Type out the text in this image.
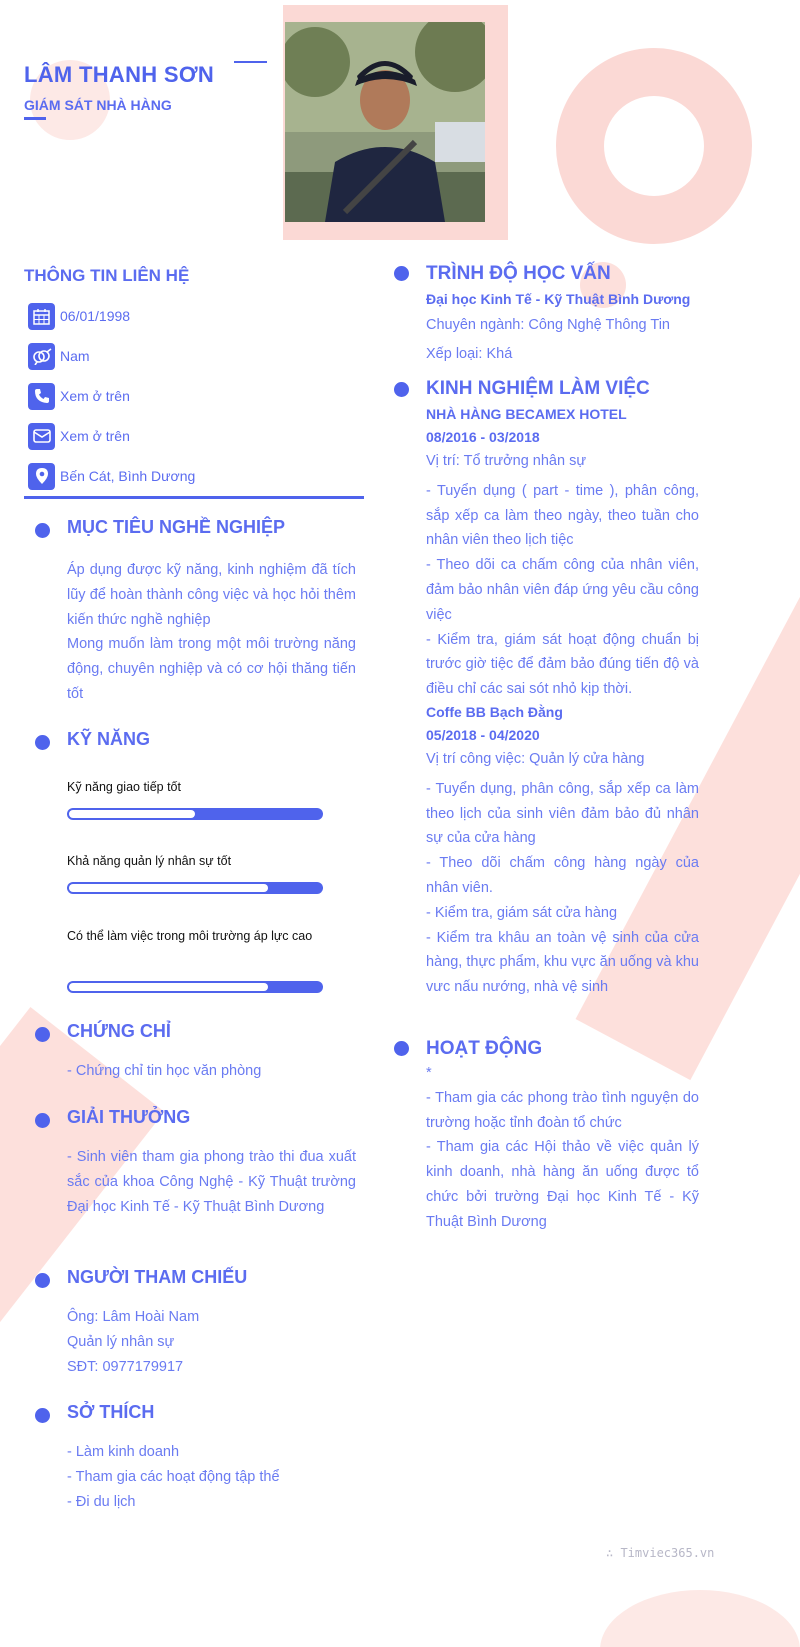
LÂM THANH SƠN
GIÁM SÁT NHÀ HÀNG
THÔNG TIN LIÊN HỆ
06/01/1998
Nam
Xem ở trên
Xem ở trên
Bến Cát, Bình Dương
MỤC TIÊU NGHỀ NGHIỆP
Áp dụng được kỹ năng, kinh nghiệm đã tích lũy để hoàn thành công việc và học hỏi thêm kiến thức nghề nghiệp
Mong muốn làm trong một môi trường năng động, chuyên nghiệp và có cơ hội thăng tiến tốt
KỸ NĂNG
Kỹ năng giao tiếp tốt
Khả năng quản lý nhân sự tốt
Có thể làm việc trong môi trường áp lực cao
CHỨNG CHỈ
- Chứng chỉ tin học văn phòng
GIẢI THƯỞNG
- Sinh viên tham gia phong trào thi đua xuất sắc của khoa Công Nghệ - Kỹ Thuật trường Đại học Kinh Tế - Kỹ Thuật Bình Dương
NGƯỜI THAM CHIẾU
Ông: Lâm Hoài Nam
Quản lý nhân sự
SĐT: 0977179917
SỞ THÍCH
- Làm kinh doanh
- Tham gia các hoạt động tập thể
- Đi du lịch
TRÌNH ĐỘ HỌC VẤN
Đại học Kinh Tế - Kỹ Thuật Bình Dương
Chuyên ngành: Công Nghệ Thông Tin
Xếp loại: Khá
KINH NGHIỆM LÀM VIỆC
NHÀ HÀNG BECAMEX HOTEL
08/2016 - 03/2018
Vị trí: Tổ trưởng nhân sự
- Tuyển dụng ( part - time ), phân công, sắp xếp ca làm theo ngày, theo tuần cho nhân viên theo lịch tiệc
- Theo dõi ca chấm công của nhân viên, đảm bảo nhân viên đáp ứng yêu cầu công việc
- Kiểm tra, giám sát hoạt động chuẩn bị trước giờ tiệc để đảm bảo đúng tiến độ và điều chỉ các sai sót nhỏ kịp thời.
Coffe BB Bạch Đằng
05/2018 - 04/2020
Vị trí công việc: Quản lý cửa hàng
- Tuyển dụng, phân công, sắp xếp ca làm theo lịch của sinh viên đảm bảo đủ nhân sự của cửa hàng
- Theo dõi chấm công hàng ngày của nhân viên.
- Kiểm tra, giám sát cửa hàng
- Kiểm tra khâu an toàn vệ sinh của cửa hàng, thực phẩm, khu vực ăn uống và khu vưc nấu nướng, nhà vệ sinh
HOẠT ĐỘNG
*
- Tham gia các phong trào tình nguyện do trường hoặc tỉnh đoàn tổ chức
- Tham gia các Hội thảo về việc quản lý kinh doanh, nhà hàng ăn uống được tổ chức bởi trường Đại học Kinh Tế - Kỹ Thuật Bình Dương
∴ Timviec365.vn
